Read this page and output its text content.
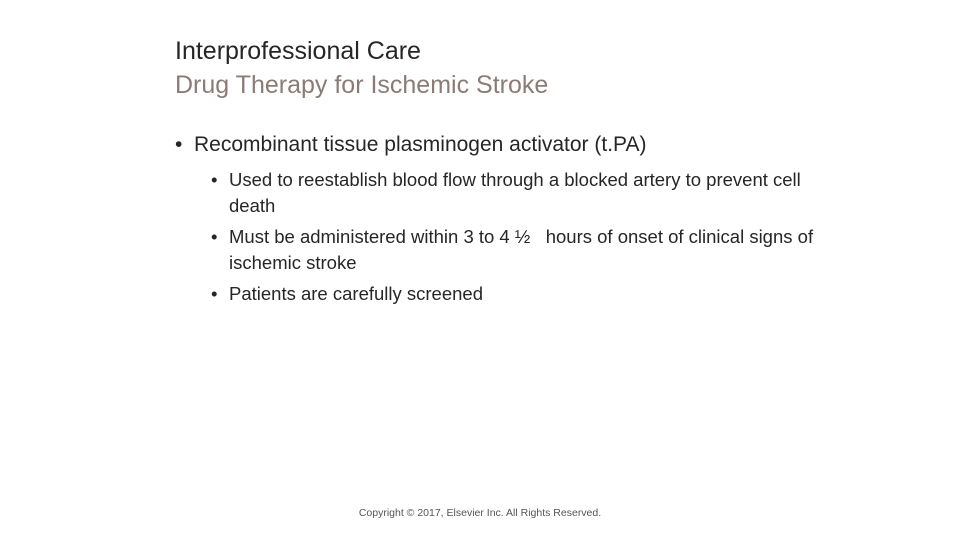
Interprofessional Care
Drug Therapy for Ischemic Stroke
• Recombinant tissue plasminogen activator (t.PA)
• Used to reestablish blood flow through a blocked artery to prevent cell death
• Must be administered within 3 to 4 ½   hours of onset of clinical signs of ischemic stroke
• Patients are carefully screened
Copyright © 2017, Elsevier Inc. All Rights Reserved.
